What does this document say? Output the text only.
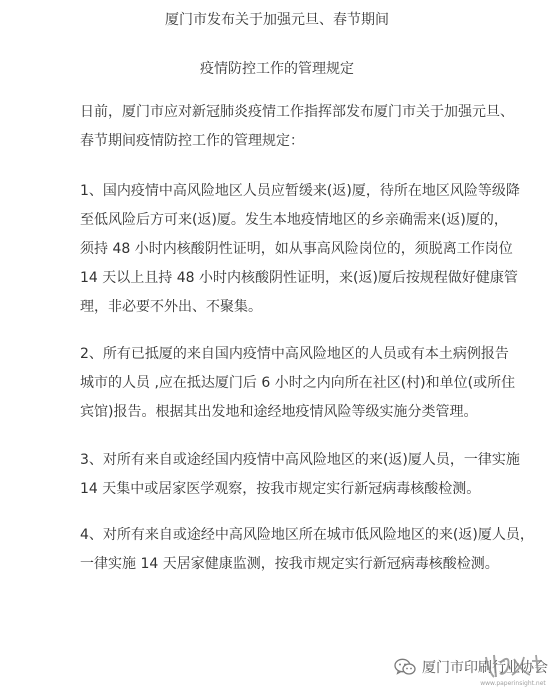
厦门市发布关于加强元旦、春节期间
疫情防控工作的管理规定

日前，厦门市应对新冠肺炎疫情工作指挥部发布厦门市关于加强元旦、
春节期间疫情防控工作的管理规定：

1、国内疫情中高风险地区人员应暂缓来(返)厦，待所在地区风险等级降
至低风险后方可来(返)厦。发生本地疫情地区的乡亲确需来(返)厦的，
须持 48 小时内核酸阴性证明，如从事高风险岗位的，须脱离工作岗位
14 天以上且持 48 小时内核酸阴性证明，来(返)厦后按规程做好健康管
理，非必要不外出、不聚集。

2、所有已抵厦的来自国内疫情中高风险地区的人员或有本土病例报告
城市的人员 ,应在抵达厦门后 6 小时之内向所在社区(村)和单位(或所住
宾馆)报告。根据其出发地和途经地疫情风险等级实施分类管理。

3、对所有来自或途经国内疫情中高风险地区的来(返)厦人员，一律实施
14 天集中或居家医学观察，按我市规定实行新冠病毒核酸检测。

4、对所有来自或途经中高风险地区所在城市低风险地区的来(返)厦人员，
一律实施 14 天居家健康监测，按我市规定实行新冠病毒核酸检测。

厦门市印刷行业协会
www.paperinsight.net
